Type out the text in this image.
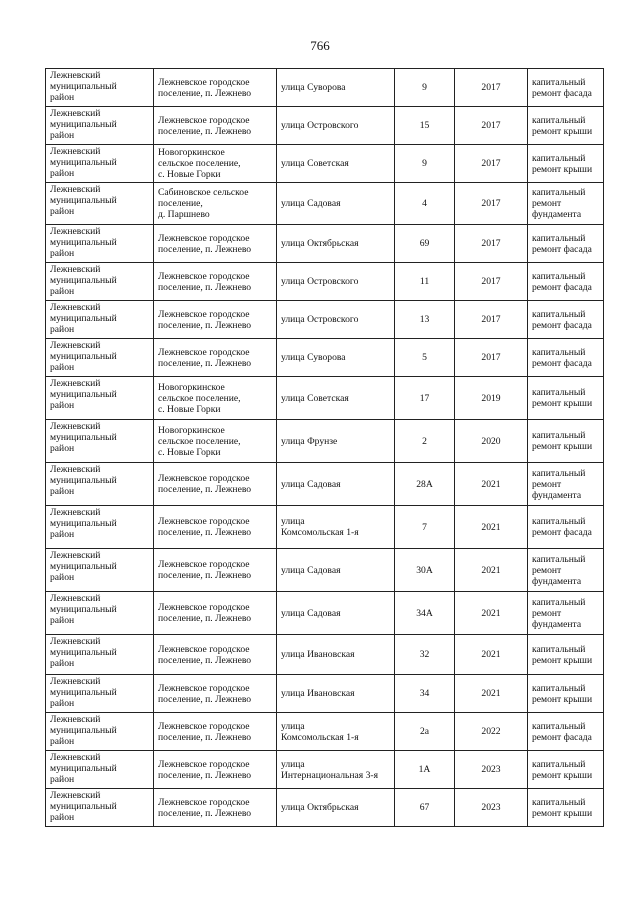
766
Лежневский
муниципальный
район	Лежневское городское
поселение, п. Лежнево	улица Суворова	9	2017	капитальный
ремонт фасада

Лежневский
муниципальный
район	Лежневское городское
поселение, п. Лежнево	улица Островского	15	2017	капитальный
ремонт крыши

Лежневский
муниципальный
район	Новогоркинское
сельское поселение,
с. Новые Горки	улица Советская	9	2017	капитальный
ремонт крыши

Лежневский
муниципальный
район	Сабиновское сельское
поселение,
д. Паршнево	улица Садовая	4	2017	капитальный
ремонт
фундамента

Лежневский
муниципальный
район	Лежневское городское
поселение, п. Лежнево	улица Октябрьская	69	2017	капитальный
ремонт фасада

Лежневский
муниципальный
район	Лежневское городское
поселение, п. Лежнево	улица Островского	11	2017	капитальный
ремонт фасада

Лежневский
муниципальный
район	Лежневское городское
поселение, п. Лежнево	улица Островского	13	2017	капитальный
ремонт фасада

Лежневский
муниципальный
район	Лежневское городское
поселение, п. Лежнево	улица Суворова	5	2017	капитальный
ремонт фасада

Лежневский
муниципальный
район	Новогоркинское
сельское поселение,
с. Новые Горки	улица Советская	17	2019	капитальный
ремонт крыши

Лежневский
муниципальный
район	Новогоркинское
сельское поселение,
с. Новые Горки	улица Фрунзе	2	2020	капитальный
ремонт крыши

Лежневский
муниципальный
район	Лежневское городское
поселение, п. Лежнево	улица Садовая	28А	2021	капитальный
ремонт
фундамента

Лежневский
муниципальный
район	Лежневское городское
поселение, п. Лежнево	улица
Комсомольская 1-я	7	2021	капитальный
ремонт фасада

Лежневский
муниципальный
район	Лежневское городское
поселение, п. Лежнево	улица Садовая	30А	2021	капитальный
ремонт
фундамента

Лежневский
муниципальный
район	Лежневское городское
поселение, п. Лежнево	улица Садовая	34А	2021	капитальный
ремонт
фундамента

Лежневский
муниципальный
район	Лежневское городское
поселение, п. Лежнево	улица Ивановская	32	2021	капитальный
ремонт крыши

Лежневский
муниципальный
район	Лежневское городское
поселение, п. Лежнево	улица Ивановская	34	2021	капитальный
ремонт крыши

Лежневский
муниципальный
район	Лежневское городское
поселение, п. Лежнево	улица
Комсомольская 1-я	2а	2022	капитальный
ремонт фасада

Лежневский
муниципальный
район	Лежневское городское
поселение, п. Лежнево	улица
Интернациональная 3-я	1А	2023	капитальный
ремонт крыши

Лежневский
муниципальный
район	Лежневское городское
поселение, п. Лежнево	улица Октябрьская	67	2023	капитальный
ремонт крыши
